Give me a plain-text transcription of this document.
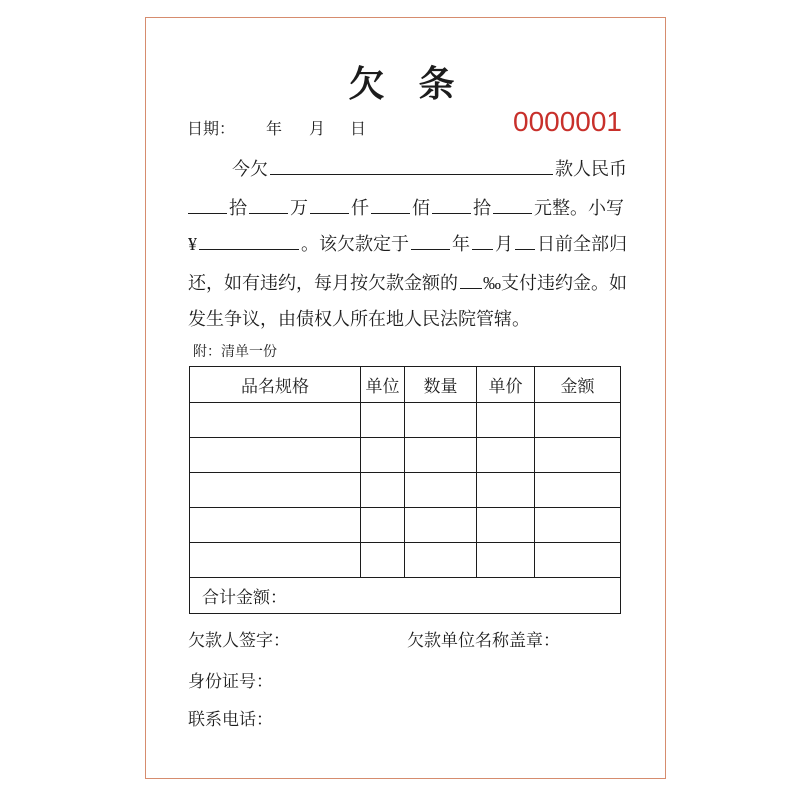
欠条
日期： 年 月 日	0000001
今欠	款人民币
拾 万 仟 佰 拾 元整。小写
¥	。该欠款定于 年 月 日前全部归
还，如有违约，每月按欠款金额的 ‰支付违约金。如
发生争议，由债权人所在地人民法院管辖。
附：清单一份
品名规格	单位	数量	单价	金额

合计金额：				
欠款人签字：	欠款单位名称盖章：
身份证号：
联系电话：
